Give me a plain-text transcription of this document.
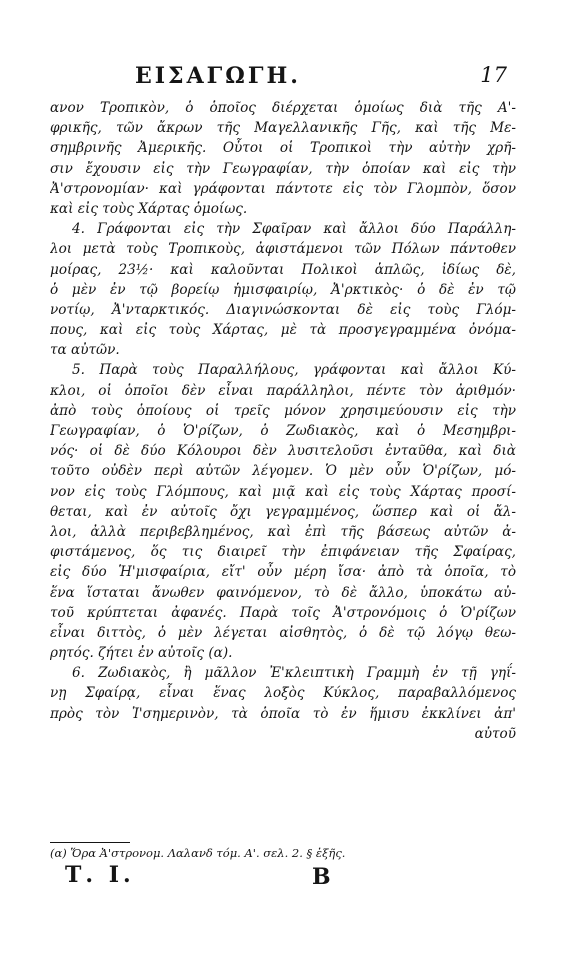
ΕΙΣΑΓΩΓΗ.	17
ανον Τροπικὸν, ὁ ὁποῖος διέρχεται ὁμοίως διὰ τῆς Α'-
φρικῆς, τῶν ἄκρων τῆς Μαγελλανικῆς Γῆς, καὶ τῆς Με-
σημβρινῆς Ἀμερικῆς. Οὗτοι οἱ Τροπικοὶ τὴν αὐτὴν χρῆ-
σιν ἔχουσιν εἰς τὴν Γεωγραφίαν, τὴν ὁποίαν καὶ εἰς τὴν
Ἀ'στρονομίαν· καὶ γράφονται πάντοτε εἰς τὸν Γλομπὸν, ὅσον
καὶ εἰς τοὺς Χάρτας ὁμοίως.
4. Γράφονται εἰς τὴν Σφαῖραν καὶ ἄλλοι δύο Παράλλη-
λοι μετὰ τοὺς Τροπικοὺς, ἀφιστάμενοι τῶν Πόλων πάντοθεν
μοίρας, 23½· καὶ καλοῦνται Πολικοὶ ἁπλῶς, ἰδίως δὲ,
ὁ μὲν ἐν τῷ βορείῳ ἡμισφαιρίῳ, Ἀ'ρκτικὸς· ὁ δὲ ἐν τῷ
νοτίῳ, Ἀ'νταρκτικός. Διαγινώσκονται δὲ εἰς τοὺς Γλόμ-
πους, καὶ εἰς τοὺς Χάρτας, μὲ τὰ προσγεγραμμένα ὀνόμα-
τα αὐτῶν.
5. Παρὰ τοὺς Παραλλήλους, γράφονται καὶ ἄλλοι Κύ-
κλοι, οἱ ὁποῖοι δὲν εἶναι παράλληλοι, πέντε τὸν ἀριθμόν·
ἀπὸ τοὺς ὁποίους οἱ τρεῖς μόνον χρησιμεύουσιν εἰς τὴν
Γεωγραφίαν, ὁ Ὁ'ρίζων, ὁ Ζωδιακὸς, καὶ ὁ Μεσημβρι-
νός· οἱ δὲ δύο Κόλουροι δὲν λυσιτελοῦσι ἐνταῦθα, καὶ διὰ
τοῦτο οὐδὲν περὶ αὐτῶν λέγομεν. Ὁ μὲν οὖν Ὁ'ρίζων, μό-
νον εἰς τοὺς Γλόμπους, καὶ μιᾷ καὶ εἰς τοὺς Χάρτας προσί-
θεται, καὶ ἐν αὐτοῖς ὄχι γεγραμμένος, ὥσπερ καὶ οἱ ἄλ-
λοι, ἀλλὰ περιβεβλημένος, καὶ ἐπὶ τῆς βάσεως αὐτῶν ἀ-
φιστάμενος, ὅς τις διαιρεῖ τὴν ἐπιφάνειαν τῆς Σφαίρας,
εἰς δύο Ἡ'μισφαίρια, εἴτ' οὖν μέρη ἴσα· ἀπὸ τὰ ὁποῖα, τὸ
ἕνα ἵσταται ἄνωθεν φαινόμενον, τὸ δὲ ἄλλο, ὑποκάτω αὐ-
τοῦ κρύπτεται ἀφανές. Παρὰ τοῖς Ἀ'στρονόμοις ὁ Ὁ'ρίζων
εἶναι διττὸς, ὁ μὲν λέγεται αἰσθητὸς, ὁ δὲ τῷ λόγῳ θεω-
ρητός. ζήτει ἐν αὐτοῖς (α).
6. Ζωδιακὸς, ἢ μᾶλλον Ἐ'κλειπτικὴ Γραμμὴ ἐν τῇ γηΐ-
νῃ Σφαίρᾳ, εἶναι ἕνας λοξὸς Κύκλος, παραβαλλόμενος
πρὸς τὸν Ἰ'σημερινὸν, τὰ ὁποῖα τὸ ἐν ἥμισυ ἐκκλίνει ἀπ'
αὐτοῦ
(α) Ὅρα Ἀ'στρονομ. Λαλανδ τόμ. Α'. σελ. 2. § ἑξῆς.
Τ. Ι.	Β
